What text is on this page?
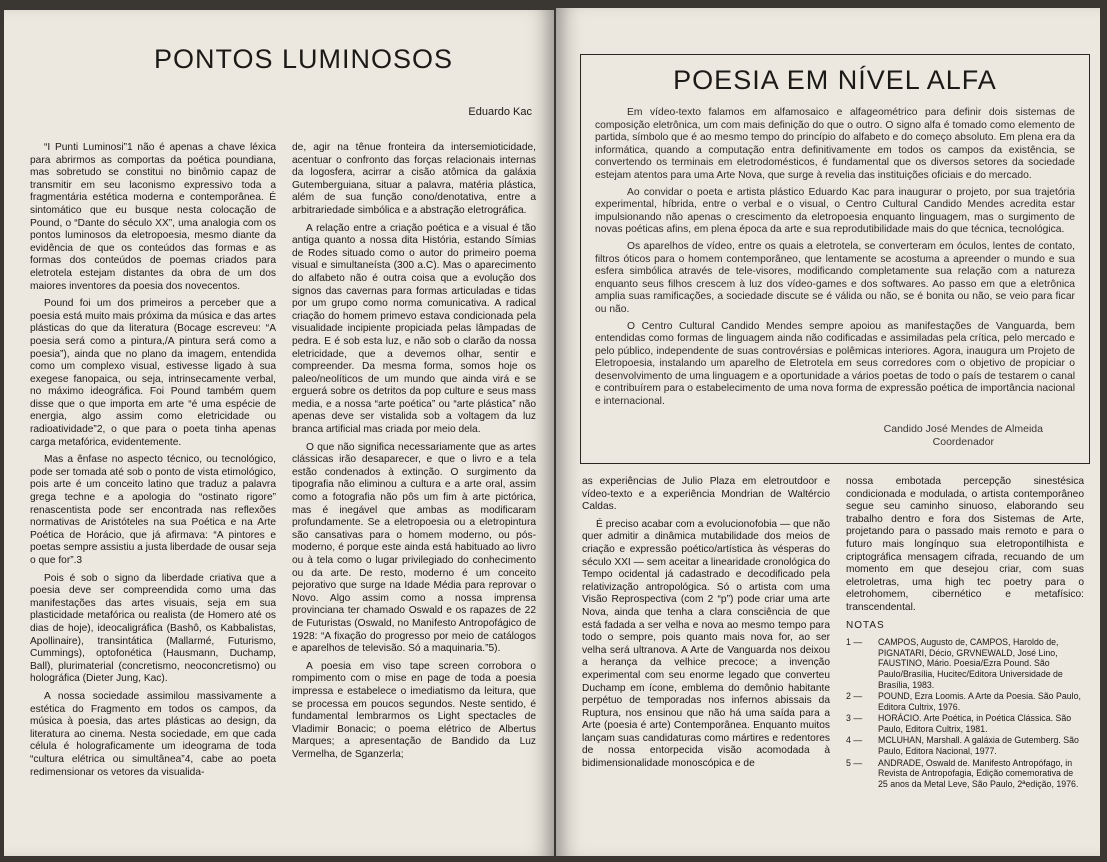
PONTOS LUMINOSOS
Eduardo Kac

“I Punti Luminosi”1 não é apenas a chave léxica para abrirmos as comportas da poética poundiana, mas sobretudo se constitui no binômio capaz de transmitir em seu laconismo expressivo toda a fragmentária estética moderna e contemporânea. É sintomático que eu busque nesta colocação de Pound, o “Dante do século XX”, uma analogia com os pontos luminosos da eletropoesia, mesmo diante da evidência de que os conteúdos das formas e as formas dos conteúdos de poemas criados para eletrotela estejam distantes da obra de um dos maiores inventores da poesia dos novecentos.

Pound foi um dos primeiros a perceber que a poesia está muito mais próxima da música e das artes plásticas do que da literatura (Bocage escreveu: “A poesia será como a pintura,/A pintura será como a poesia”), ainda que no plano da imagem, entendida como um complexo visual, estivesse ligado à sua exegese fanopaica, ou seja, intrinsecamente verbal, no máximo ideográfica. Foi Pound também quem disse que o que importa em arte “é uma espécie de energia, algo assim como eletricidade ou radioatividade”2, o que para o poeta tinha apenas carga metafórica, evidentemente.

Mas a ênfase no aspecto técnico, ou tecnológico, pode ser tomada até sob o ponto de vista etimológico, pois arte é um conceito latino que traduz a palavra grega techne e a apologia do “ostinato rigore” renascentista pode ser encontrada nas reflexões normativas de Aristóteles na sua Poética e na Arte Poética de Horácio, que já afirmava: “A pintores e poetas sempre assistiu a justa liberdade de ousar seja o que for”.3

Pois é sob o signo da liberdade criativa que a poesia deve ser compreendida como uma das manifestações das artes visuais, seja em sua plasticidade metafórica ou realista (de Homero até os dias de hoje), ideocaligráfica (Bashô, os Kabbalistas, Apollinaire), transintática (Mallarmé, Futurismo, Cummings), optofonética (Hausmann, Duchamp, Ball), plurimaterial (concretismo, neoconcretismo) ou holográfica (Dieter Jung, Kac).

A nossa sociedade assimilou massivamente a estética do Fragmento em todos os campos, da música à poesia, das artes plásticas ao design, da literatura ao cinema. Nesta sociedade, em que cada célula é holograficamente um ideograma de toda “cultura elétrica ou simultânea”4, cabe ao poeta redimensionar os vetores da visualida-

de, agir na tênue fronteira da intersemioticidade, acentuar o confronto das forças relacionais internas da logosfera, acirrar a cisão atômica da galáxia Gutemberguiana, situar a palavra, matéria plástica, além de sua função cono/denotativa, entre a arbitrariedade simbólica e a abstração eletrográfica.

A relação entre a criação poética e a visual é tão antiga quanto a nossa dita História, estando Símias de Rodes situado como o autor do primeiro poema visual e simultaneísta (300 a.C). Mas o aparecimento do alfabeto não é outra coisa que a evolução dos signos das cavernas para formas articuladas e tidas por um grupo como norma comunicativa. A radical criação do homem primevo estava condicionada pela visualidade incipiente propiciada pelas lâmpadas de pedra. E é sob esta luz, e não sob o clarão da nossa eletricidade, que a devemos olhar, sentir e compreender. Da mesma forma, somos hoje os paleo/neolíticos de um mundo que ainda virá e se erguerá sobre os detritos da pop culture e seus mass media, e a nossa “arte poética” ou “arte plástica” não apenas deve ser vistalida sob a voltagem da luz branca artificial mas criada por meio dela.

O que não significa necessariamente que as artes clássicas irão desaparecer, e que o livro e a tela estão condenados à extinção. O surgimento da tipografia não eliminou a cultura e a arte oral, assim como a fotografia não pôs um fim à arte pictórica, mas é inegável que ambas as modificaram profundamente. Se a eletropoesia ou a eletropintura são cansativas para o homem moderno, ou pós-moderno, é porque este ainda está habituado ao livro ou à tela como o lugar privilegiado do conhecimento ou da arte. De resto, moderno é um conceito pejorativo que surge na Idade Média para reprovar o Novo. Algo assim como a nossa imprensa provinciana ter chamado Oswald e os rapazes de 22 de Futuristas (Oswald, no Manifesto Antropofágico de 1928: “A fixação do progresso por meio de catálogos e aparelhos de televisão. Só a maquinaria.”5).

A poesia em viso tape screen corrobora o rompimento com o mise en page de toda a poesia impressa e estabelece o imediatismo da leitura, que se processa em poucos segundos. Neste sentido, é fundamental lembrarmos os Light spectacles de Vladimir Bonacic; o poema elétrico de Albertus Marques; a apresentação de Bandido da Luz Vermelha, de Sganzerla;

POESIA EM NÍVEL ALFA

Em vídeo-texto falamos em alfamosaico e alfageométrico para definir dois sistemas de composição eletrônica, um com mais definição do que o outro. O signo alfa é tomado como elemento de partida, símbolo que é ao mesmo tempo do princípio do alfabeto e do começo absoluto. Em plena era da informática, quando a computação entra definitivamente em todos os campos da existência, se convertendo os terminais em eletrodomésticos, é fundamental que os diversos setores da sociedade estejam atentos para uma Arte Nova, que surge à revelia das instituições oficiais e do mercado.

Ao convidar o poeta e artista plástico Eduardo Kac para inaugurar o projeto, por sua trajetória experimental, híbrida, entre o verbal e o visual, o Centro Cultural Candido Mendes acredita estar impulsionando não apenas o crescimento da eletropoesia enquanto linguagem, mas o surgimento de novas poéticas afins, em plena época da arte e sua reprodutibilidade mais do que técnica, tecnológica.

Os aparelhos de vídeo, entre os quais a eletrotela, se converteram em óculos, lentes de contato, filtros óticos para o homem contemporâneo, que lentamente se acostuma a apreender o mundo e sua esfera simbólica através de tele-visores, modificando completamente sua relação com a natureza enquanto seus filhos crescem à luz dos vídeo-games e dos softwares. Ao passo em que a eletrônica amplia suas ramificações, a sociedade discute se é válida ou não, se é bonita ou não, se veio para ficar ou não.

O Centro Cultural Candido Mendes sempre apoiou as manifestações de Vanguarda, bem entendidas como formas de linguagem ainda não codificadas e assimiladas pela crítica, pelo mercado e pelo público, independente de suas controvérsias e polêmicas interiores. Agora, inaugura um Projeto de Eletropoesia, instalando um aparelho de Eletrotela em seus corredores com o objetivo de propiciar o desenvolvimento de uma linguagem e a oportunidade a vários poetas de todo o país de testarem o canal e contribuírem para o estabelecimento de uma nova forma de expressão poética de importância nacional e internacional.

Candido José Mendes de Almeida
Coordenador

as experiências de Julio Plaza em eletroutdoor e vídeo-texto e a experiência Mondrian de Waltércio Caldas.

É preciso acabar com a evolucionofobia — que não quer admitir a dinâmica mutabilidade dos meios de criação e expressão poético/artística às vésperas do século XXI — sem aceitar a linearidade cronológica do Tempo ocidental já cadastrado e decodificado pela relativização antropológica. Só o artista com uma Visão Reprospectiva (com 2 “p”) pode criar uma arte Nova, ainda que tenha a clara consciência de que está fadada a ser velha e nova ao mesmo tempo para todo o sempre, pois quanto mais nova for, ao ser velha será ultranova. A Arte de Vanguarda nos deixou a herança da velhice precoce; a invenção experimental com seu enorme legado que converteu Duchamp em ícone, emblema do demônio habitante perpétuo de temporadas nos infernos abissais da Ruptura, nos ensinou que não há uma saída para a Arte (poesia é arte) Contemporânea. Enquanto muitos lançam suas candidaturas como mártires e redentores de nossa entorpecida visão acomodada à bidimensionalidade monoscópica e de

nossa embotada percepção sinestésica condicionada e modulada, o artista contemporâneo segue seu caminho sinuoso, elaborando seu trabalho dentro e fora dos Sistemas de Arte, projetando para o passado mais remoto e para o futuro mais longínquo sua eletropontilhista e criptográfica mensagem cifrada, recuando de um momento em que desejou criar, com suas eletroletras, uma high tec poetry para o eletrohomem, cibernético e metafísico: transcendental.

NOTAS

1 —	CAMPOS, Augusto de, CAMPOS, Haroldo de, PIGNATARI, Décio, GRVNEWALD, José Lino, FAUSTINO, Mário. Poesia/Ezra Pound. São Paulo/Brasília, Hucitec/Editora Universidade de Brasília, 1983.
2 —	POUND, Ezra Loomis. A Arte da Poesia. São Paulo, Editora Cultrix, 1976.
3 —	HORÁCIO. Arte Poética, in Poética Clássica. São Paulo, Editora Cultrix, 1981.
4 —	MCLUHAN, Marshall. A galáxia de Gutemberg. São Paulo, Editora Nacional, 1977.
5 —	ANDRADE, Oswald de. Manifesto Antropófago, in Revista de Antropofagia, Edição comemorativa de 25 anos da Metal Leve, São Paulo, 2ªedição, 1976.
